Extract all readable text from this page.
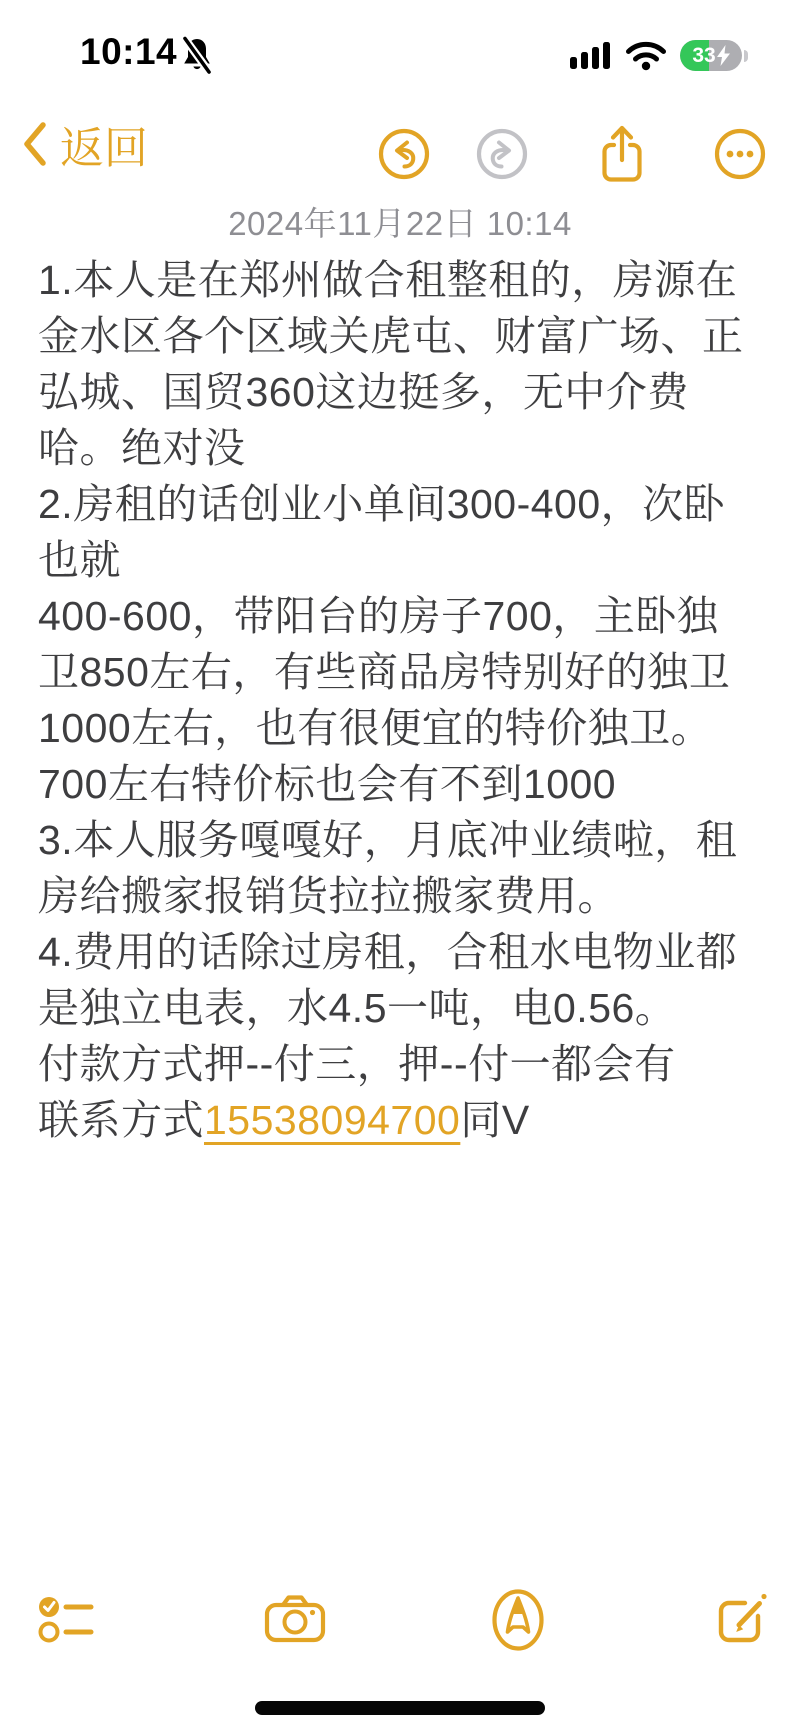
10:14	33
返回
2024年11月22日 10:14
1.本人是在郑州做合租整租的，房源在
金水区各个区域关虎屯、财富广场、正
弘城、国贸360这边挺多，无中介费
哈。绝对没
2.房租的话创业小单间300-400，次卧
也就
400-600，带阳台的房子700，主卧独
卫850左右，有些商品房特别好的独卫
1000左右，也有很便宜的特价独卫。
700左右特价标也会有不到1000
3.本人服务嘎嘎好，月底冲业绩啦，租
房给搬家报销货拉拉搬家费用。
4.费用的话除过房租，合租水电物业都
是独立电表，水4.5一吨，电0.56。
付款方式押--付三，押--付一都会有
联系方式15538094700同V
